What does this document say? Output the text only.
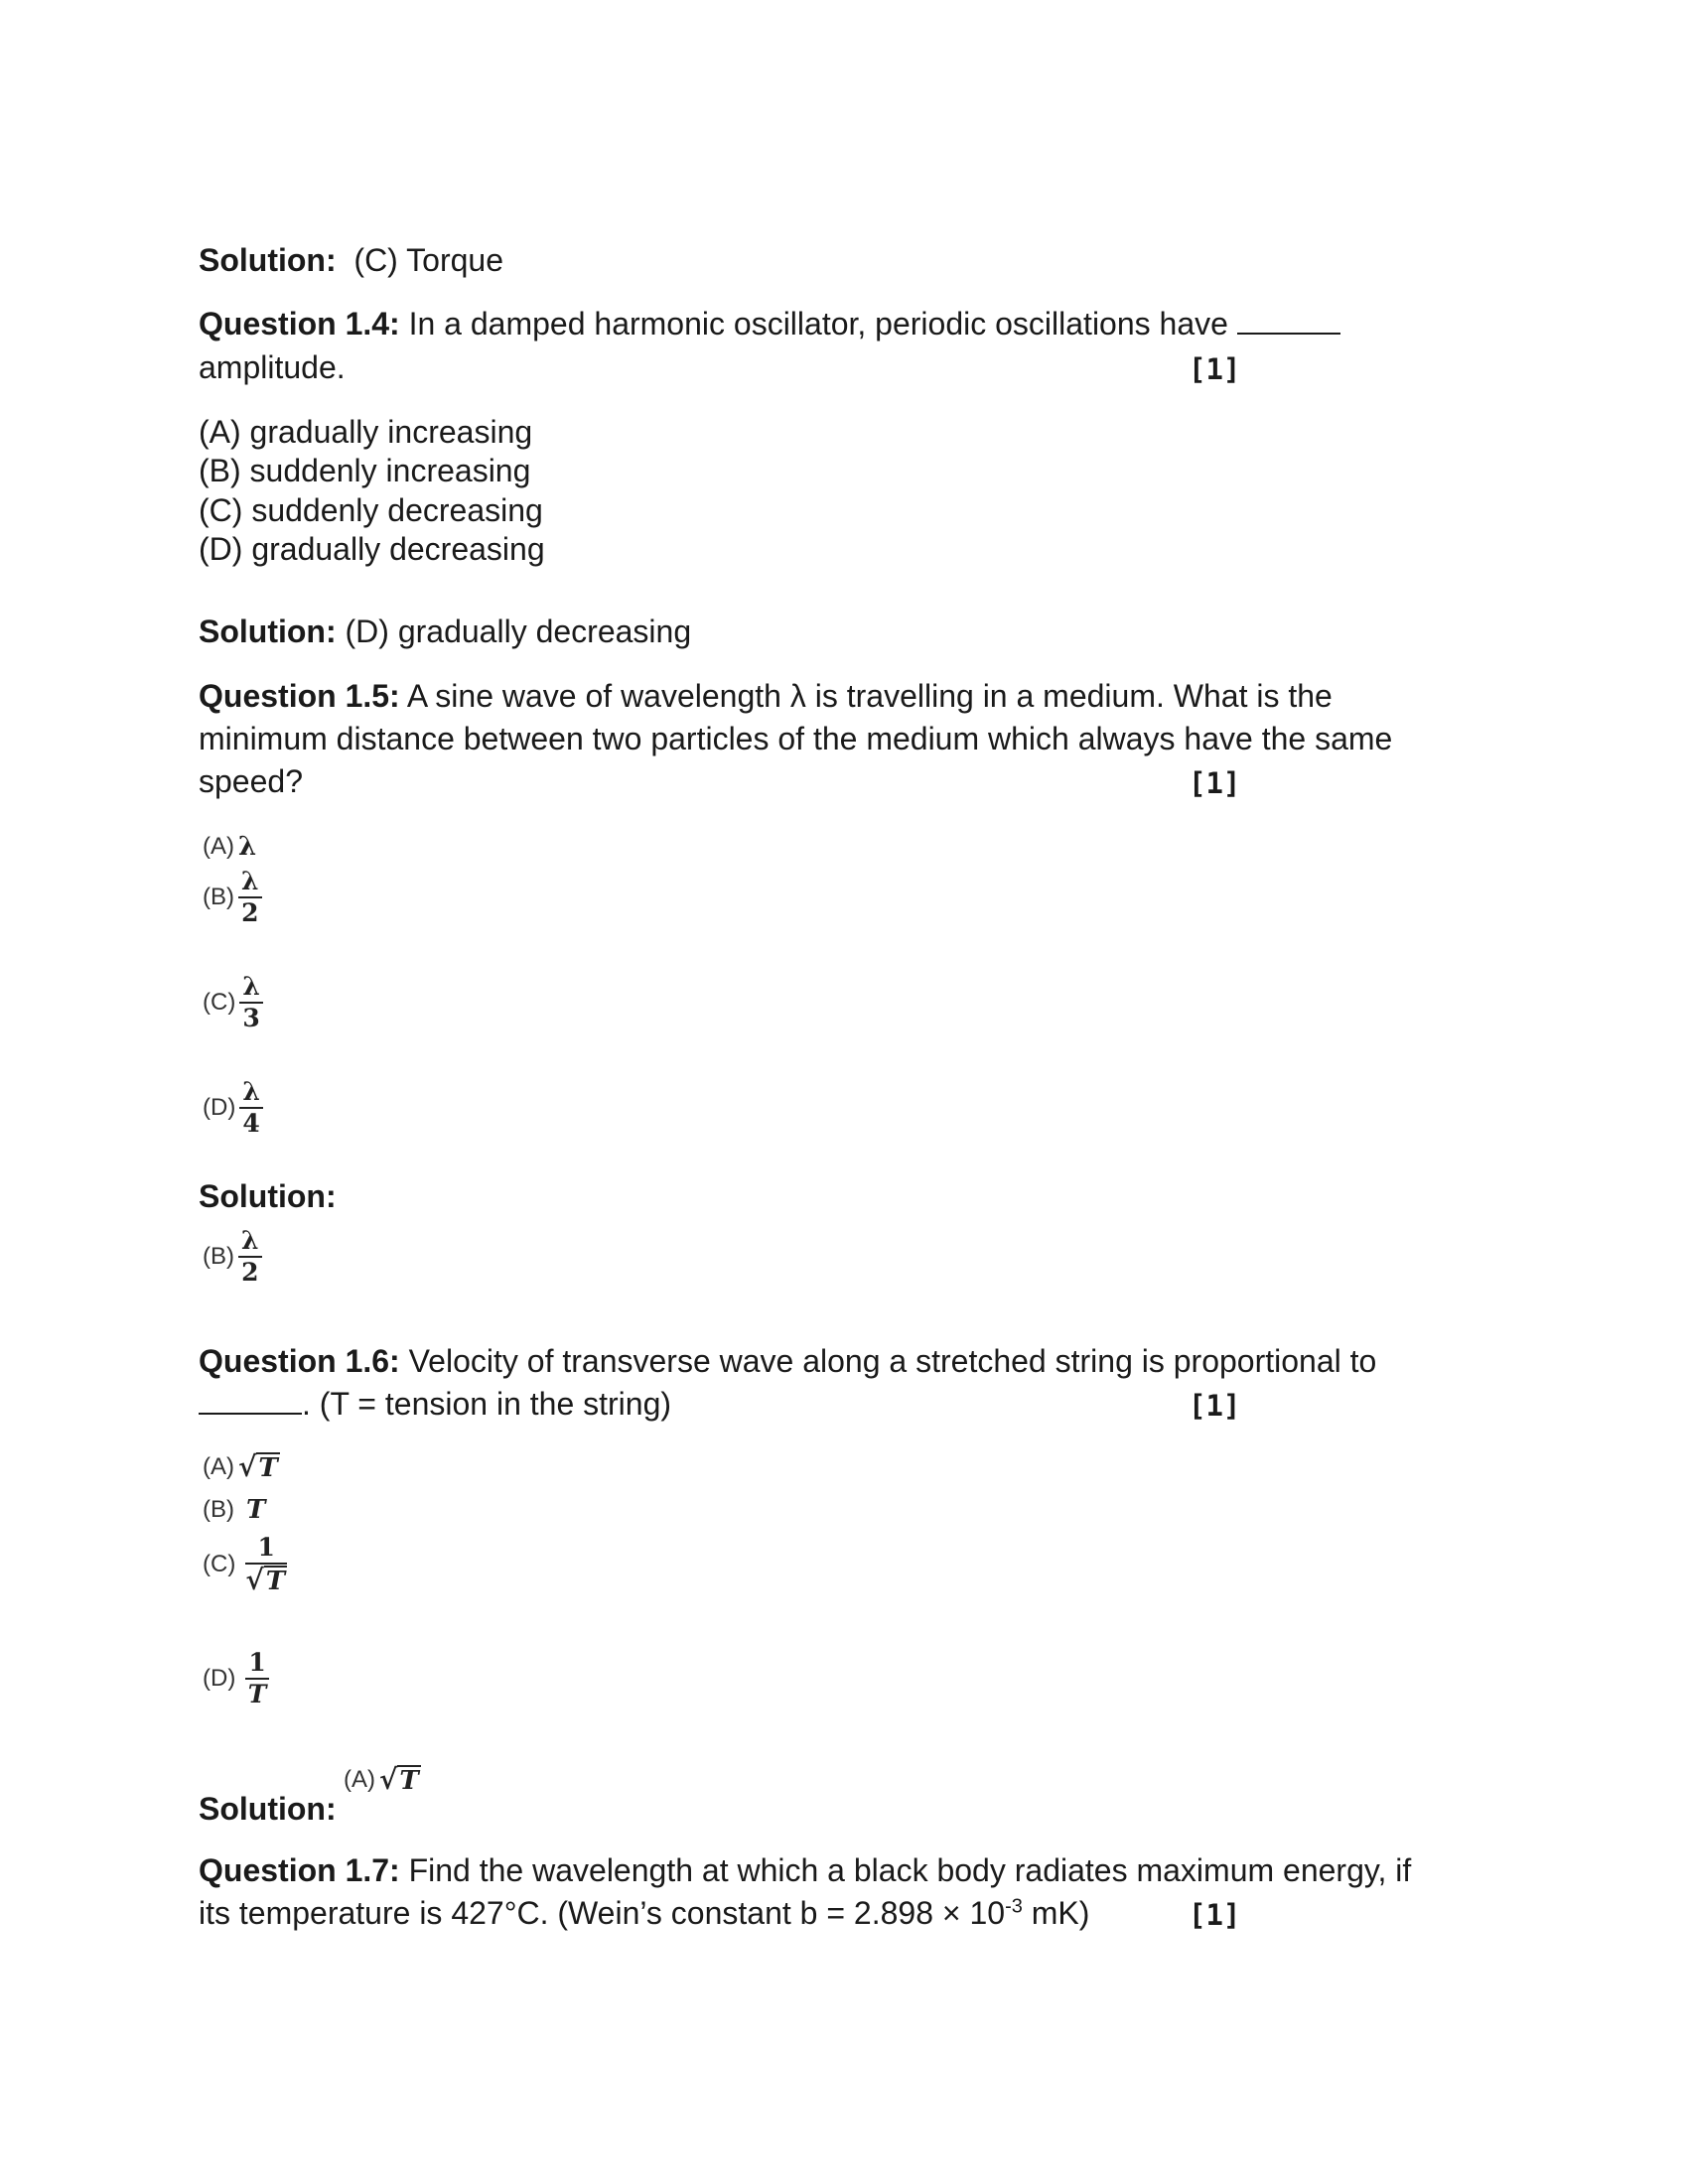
Solution: (C) Torque
Question 1.4: In a damped harmonic oscillator, periodic oscillations have
amplitude.	[1]
(A) gradually increasing
(B) suddenly increasing
(C) suddenly decreasing
(D) gradually decreasing
Solution: (D) gradually decreasing
Question 1.5: A sine wave of wavelength λ is travelling in a medium. What is the
minimum distance between two particles of the medium which always have the same
speed?	[1]
(A) λ
$(B) \frac{\lambda}{2}$
$(C) \frac{\lambda}{3}$
$(D) \frac{\lambda}{4}$
Solution:
$(B) \frac{\lambda}{2}$
Question 1.6: Velocity of transverse wave along a stretched string is proportional to
. (T = tension in the string)	[1]
(A) √ T
(B) T
$(C) \frac{1}{√ T}$
$(D) \frac{1}{T}$
Solution:
(A) √ T
Question 1.7: Find the wavelength at which a black body radiates maximum energy, if
its temperature is 427°C. (Wein’s constant $b = 2.898 \times 10^{-3}$ mK)	[1]
